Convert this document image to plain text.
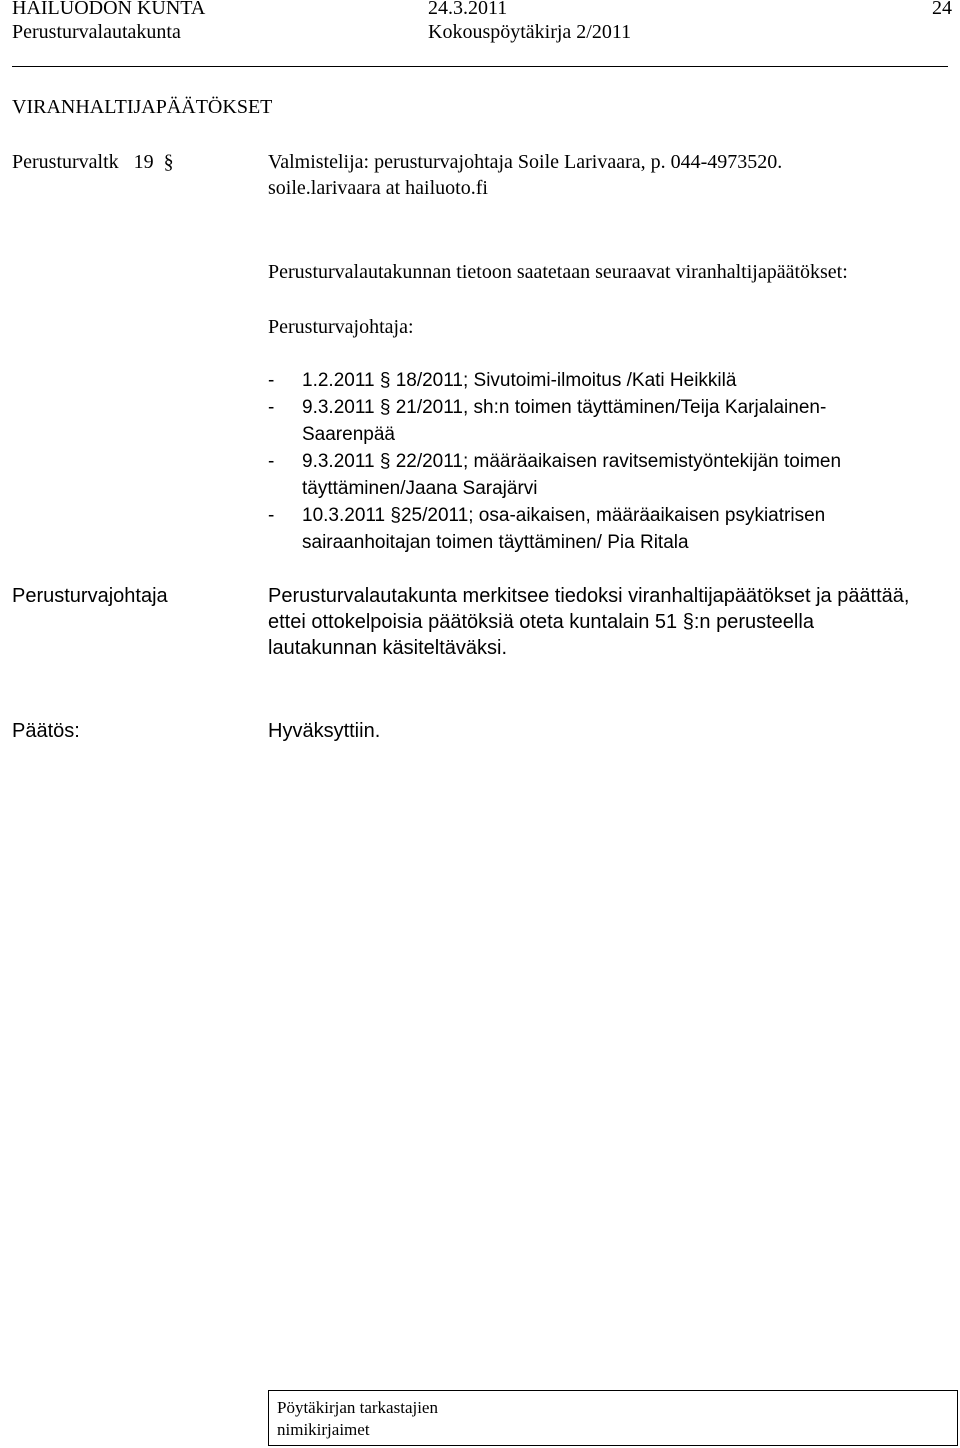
HAILUODON KUNTA	24.3.2011	24
Perusturvalautakunta	Kokouspöytäkirja 2/2011
VIRANHALTIJAPÄÄTÖKSET
Perusturvaltk 19 §	Valmistelija: perusturvajohtaja Soile Larivaara, p. 044-4973520.
soile.larivaara at hailuoto.fi
Perusturvalautakunnan tietoon saatetaan seuraavat viranhaltijapäätökset:
Perusturvajohtaja:
- 1.2.2011 § 18/2011; Sivutoimi-ilmoitus /Kati Heikkilä
- 9.3.2011 § 21/2011, sh:n toimen täyttäminen/Teija Karjalainen-
Saarenpää
- 9.3.2011 § 22/2011; määräaikaisen ravitsemistyöntekijän toimen
täyttäminen/Jaana Sarajärvi
- 10.3.2011 §25/2011; osa-aikaisen, määräaikaisen psykiatrisen
sairaanhoitajan toimen täyttäminen/ Pia Ritala
Perusturvajohtaja	Perusturvalautakunta merkitsee tiedoksi viranhaltijapäätökset ja päättää,
ettei ottokelpoisia päätöksiä oteta kuntalain 51 §:n perusteella
lautakunnan käsiteltäväksi.
Päätös:	Hyväksyttiin.
Pöytäkirjan tarkastajien
nimikirjaimet
